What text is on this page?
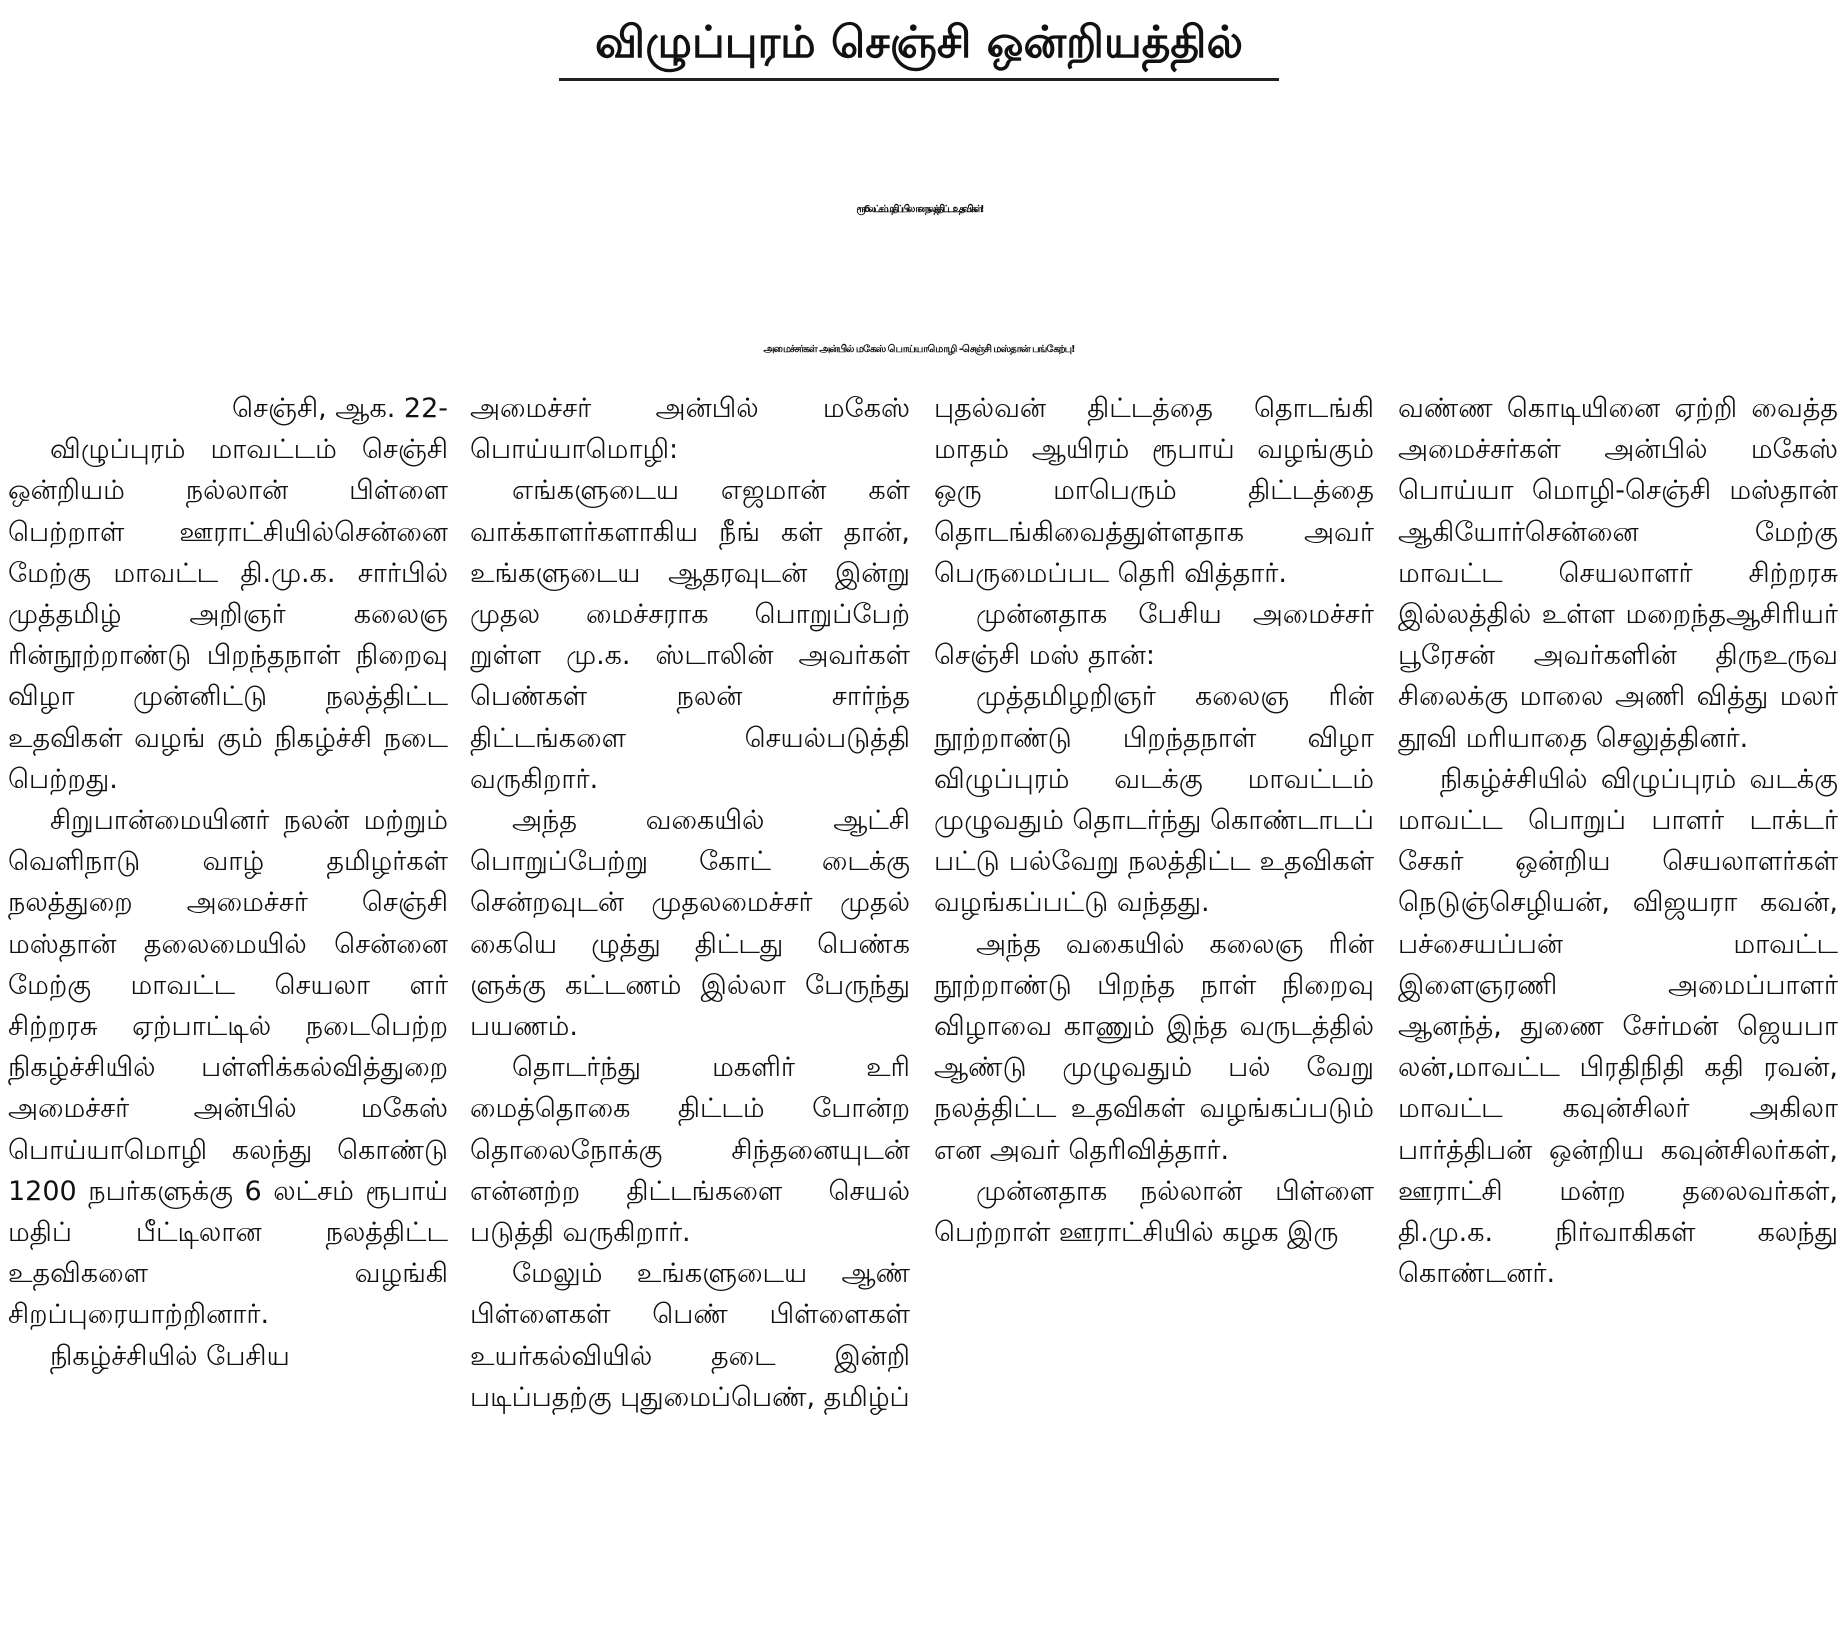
விழுப்புரம் செஞ்சி ஒன்றியத்தில்
ரூ.6 லட்சம் மதிப்பிலான நலத்திட்ட உதவிகள்!
அமைச்சர்கள் அன்பில் மகேஸ் பொய்யாமொழி -செஞ்சி மஸ்தான் பங்கேற்பு!

செஞ்சி, ஆக. 22-

விழுப்புரம் மாவட்டம் செஞ்சி ஒன்றியம் நல்லான் பிள்ளை பெற்றாள் ஊராட்சியில்சென்னை மேற்கு மாவட்ட தி.மு.க. சார்பில் முத்தமிழ் அறிஞர் கலைஞ ரின்நூற்றாண்டு பிறந்தநாள் நிறைவு விழா முன்னிட்டு நலத்திட்ட உதவிகள் வழங் கும் நிகழ்ச்சி நடை பெற்றது.

சிறுபான்மையினர் நலன் மற்றும் வெளிநாடு வாழ் தமிழர்கள் நலத்துறை அமைச்சர் செஞ்சி மஸ்தான் தலைமையில் சென்னை மேற்கு மாவட்ட செயலா ளர் சிற்றரசு ஏற்பாட்டில் நடைபெற்ற நிகழ்ச்சியில் பள்ளிக்கல்வித்துறை அமைச்சர் அன்பில் மகேஸ் பொய்யாமொழி கலந்து கொண்டு 1200 நபர்களுக்கு 6 லட்சம் ரூபாய் மதிப் பீட்டிலான நலத்திட்ட உதவிகளை வழங்கி சிறப்புரையாற்றினார்.

நிகழ்ச்சியில் பேசிய

அமைச்சர் அன்பில் மகேஸ் பொய்யாமொழி:

எங்களுடைய எஜமான் கள் வாக்காளர்களாகிய நீங் கள் தான், உங்களுடைய ஆதரவுடன் இன்று முதல மைச்சராக பொறுப்பேற் றுள்ள மு.க. ஸ்டாலின் அவர்கள் பெண்கள் நலன் சார்ந்த திட்டங்களை செயல்படுத்தி வருகிறார்.

அந்த வகையில் ஆட்சி பொறுப்பேற்று கோட் டைக்கு சென்றவுடன் முதலமைச்சர் முதல் கையெ ழுத்து திட்டது பெண்க ளுக்கு கட்டணம் இல்லா பேருந்து பயணம்.

தொடர்ந்து மகளிர் உரி மைத்தொகை திட்டம் போன்ற தொலைநோக்கு சிந்தனையுடன் என்னற்ற திட்டங்களை செயல் படுத்தி வருகிறார்.

மேலும் உங்களுடைய ஆண் பிள்ளைகள் பெண் பிள்ளைகள் உயர்கல்வியில் தடை இன்றி படிப்பதற்கு புதுமைப்பெண், தமிழ்ப்

புதல்வன் திட்டத்தை தொடங்கி மாதம் ஆயிரம் ரூபாய் வழங்கும் ஒரு மாபெரும் திட்டத்தை தொடங்கிவைத்துள்ளதாக அவர் பெருமைப்பட தெரி வித்தார்.

முன்னதாக பேசிய அமைச்சர் செஞ்சி மஸ் தான்:

முத்தமிழறிஞர் கலைஞ ரின் நூற்றாண்டு பிறந்தநாள் விழா விழுப்புரம் வடக்கு மாவட்டம் முழுவதும் தொடர்ந்து கொண்டாடப் பட்டு பல்வேறு நலத்திட்ட உதவிகள் வழங்கப்பட்டு வந்தது.

அந்த வகையில் கலைஞ ரின் நூற்றாண்டு பிறந்த நாள் நிறைவு விழாவை காணும் இந்த வருடத்தில் ஆண்டு முழுவதும் பல் வேறு நலத்திட்ட உதவிகள் வழங்கப்படும் என அவர் தெரிவித்தார்.

முன்னதாக நல்லான் பிள்ளை பெற்றாள் ஊராட்சியில் கழக இரு

வண்ண கொடியினை ஏற்றி வைத்த அமைச்சர்கள் அன்பில் மகேஸ் பொய்யா மொழி-செஞ்சி மஸ்தான் ஆகியோர்சென்னை மேற்கு மாவட்ட செயலாளர் சிற்றரசு இல்லத்தில் உள்ள மறைந்தஆசிரியர் பூரேசன் அவர்களின் திருஉருவ சிலைக்கு மாலை அணி வித்து மலர் தூவி மரியாதை செலுத்தினர்.

நிகழ்ச்சியில் விழுப்புரம் வடக்கு மாவட்ட பொறுப் பாளர் டாக்டர் சேகர் ஒன்றிய செயலாளர்கள் நெடுஞ்செழியன், விஜயரா கவன், பச்சையப்பன் மாவட்ட இளைஞரணி அமைப்பாளர் ஆனந்த், துணை சேர்மன் ஜெயபா லன்,மாவட்ட பிரதிநிதி கதி ரவன், மாவட்ட கவுன்சிலர் அகிலா பார்த்திபன் ஒன்றிய கவுன்சிலர்கள், ஊராட்சி மன்ற தலைவர்கள், தி.மு.க. நிர்வாகிகள் கலந்து கொண்டனர்.
